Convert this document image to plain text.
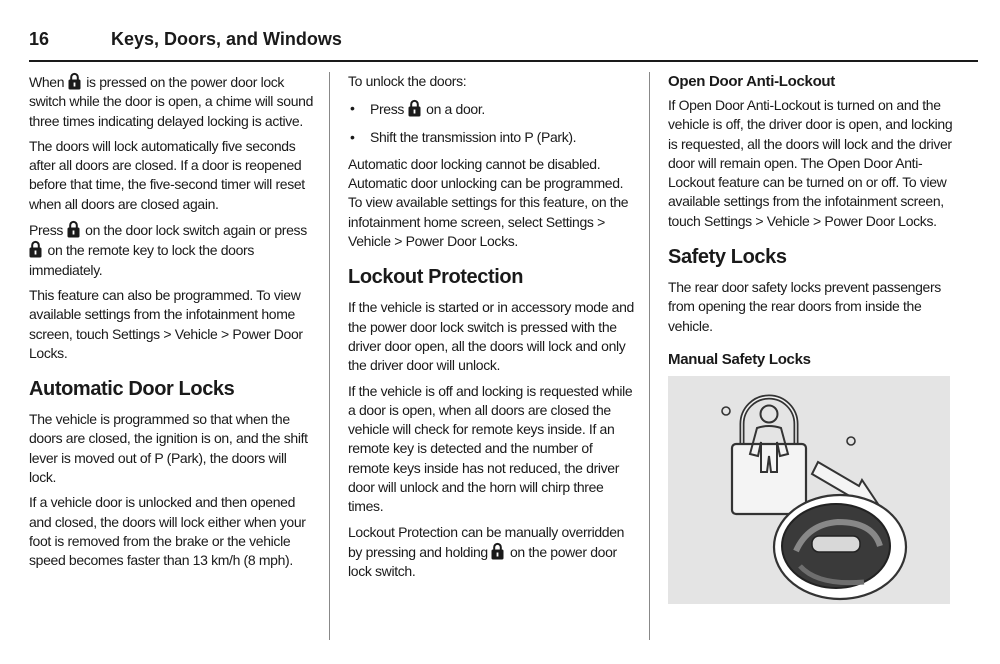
16	Keys, Doors, and Windows

When is pressed on the power door lock switch while the door is open, a chime will sound three times indicating delayed locking is active.

The doors will lock automatically five seconds after all doors are closed. If a door is reopened before that time, the five-second timer will reset when all doors are closed again.

Press on the door lock switch again or press  on the remote key to lock the doors immediately.

This feature can also be programmed. To view available settings from the infotainment home screen, touch Settings > Vehicle > Power Door Locks.

Automatic Door Locks

The vehicle is programmed so that when the doors are closed, the ignition is on, and the shift lever is moved out of P (Park), the doors will lock.

If a vehicle door is unlocked and then opened and closed, the doors will lock either when your foot is removed from the brake or the vehicle speed becomes faster than 13 km/h (8 mph).

To unlock the doors:

• Press on a door.
• Shift the transmission into P (Park).

Automatic door locking cannot be disabled. Automatic door unlocking can be programmed. To view available settings for this feature, on the infotainment home screen, select Settings > Vehicle > Power Door Locks.

Lockout Protection

If the vehicle is started or in accessory mode and the power door lock switch is pressed with the driver door open, all the doors will lock and only the driver door will unlock.

If the vehicle is off and locking is requested while a door is open, when all doors are closed the vehicle will check for remote keys inside. If an remote key is detected and the number of remote keys inside has not reduced, the driver door will unlock and the horn will chirp three times.

Lockout Protection can be manually overridden by pressing and holding on the power door lock switch.

Open Door Anti-Lockout

If Open Door Anti-Lockout is turned on and the vehicle is off, the driver door is open, and locking is requested, all the doors will lock and the driver door will remain open. The Open Door Anti-Lockout feature can be turned on or off. To view available settings from the infotainment screen, touch Settings > Vehicle > Power Door Locks.

Safety Locks

The rear door safety locks prevent passengers from opening the rear doors from inside the vehicle.

Manual Safety Locks
